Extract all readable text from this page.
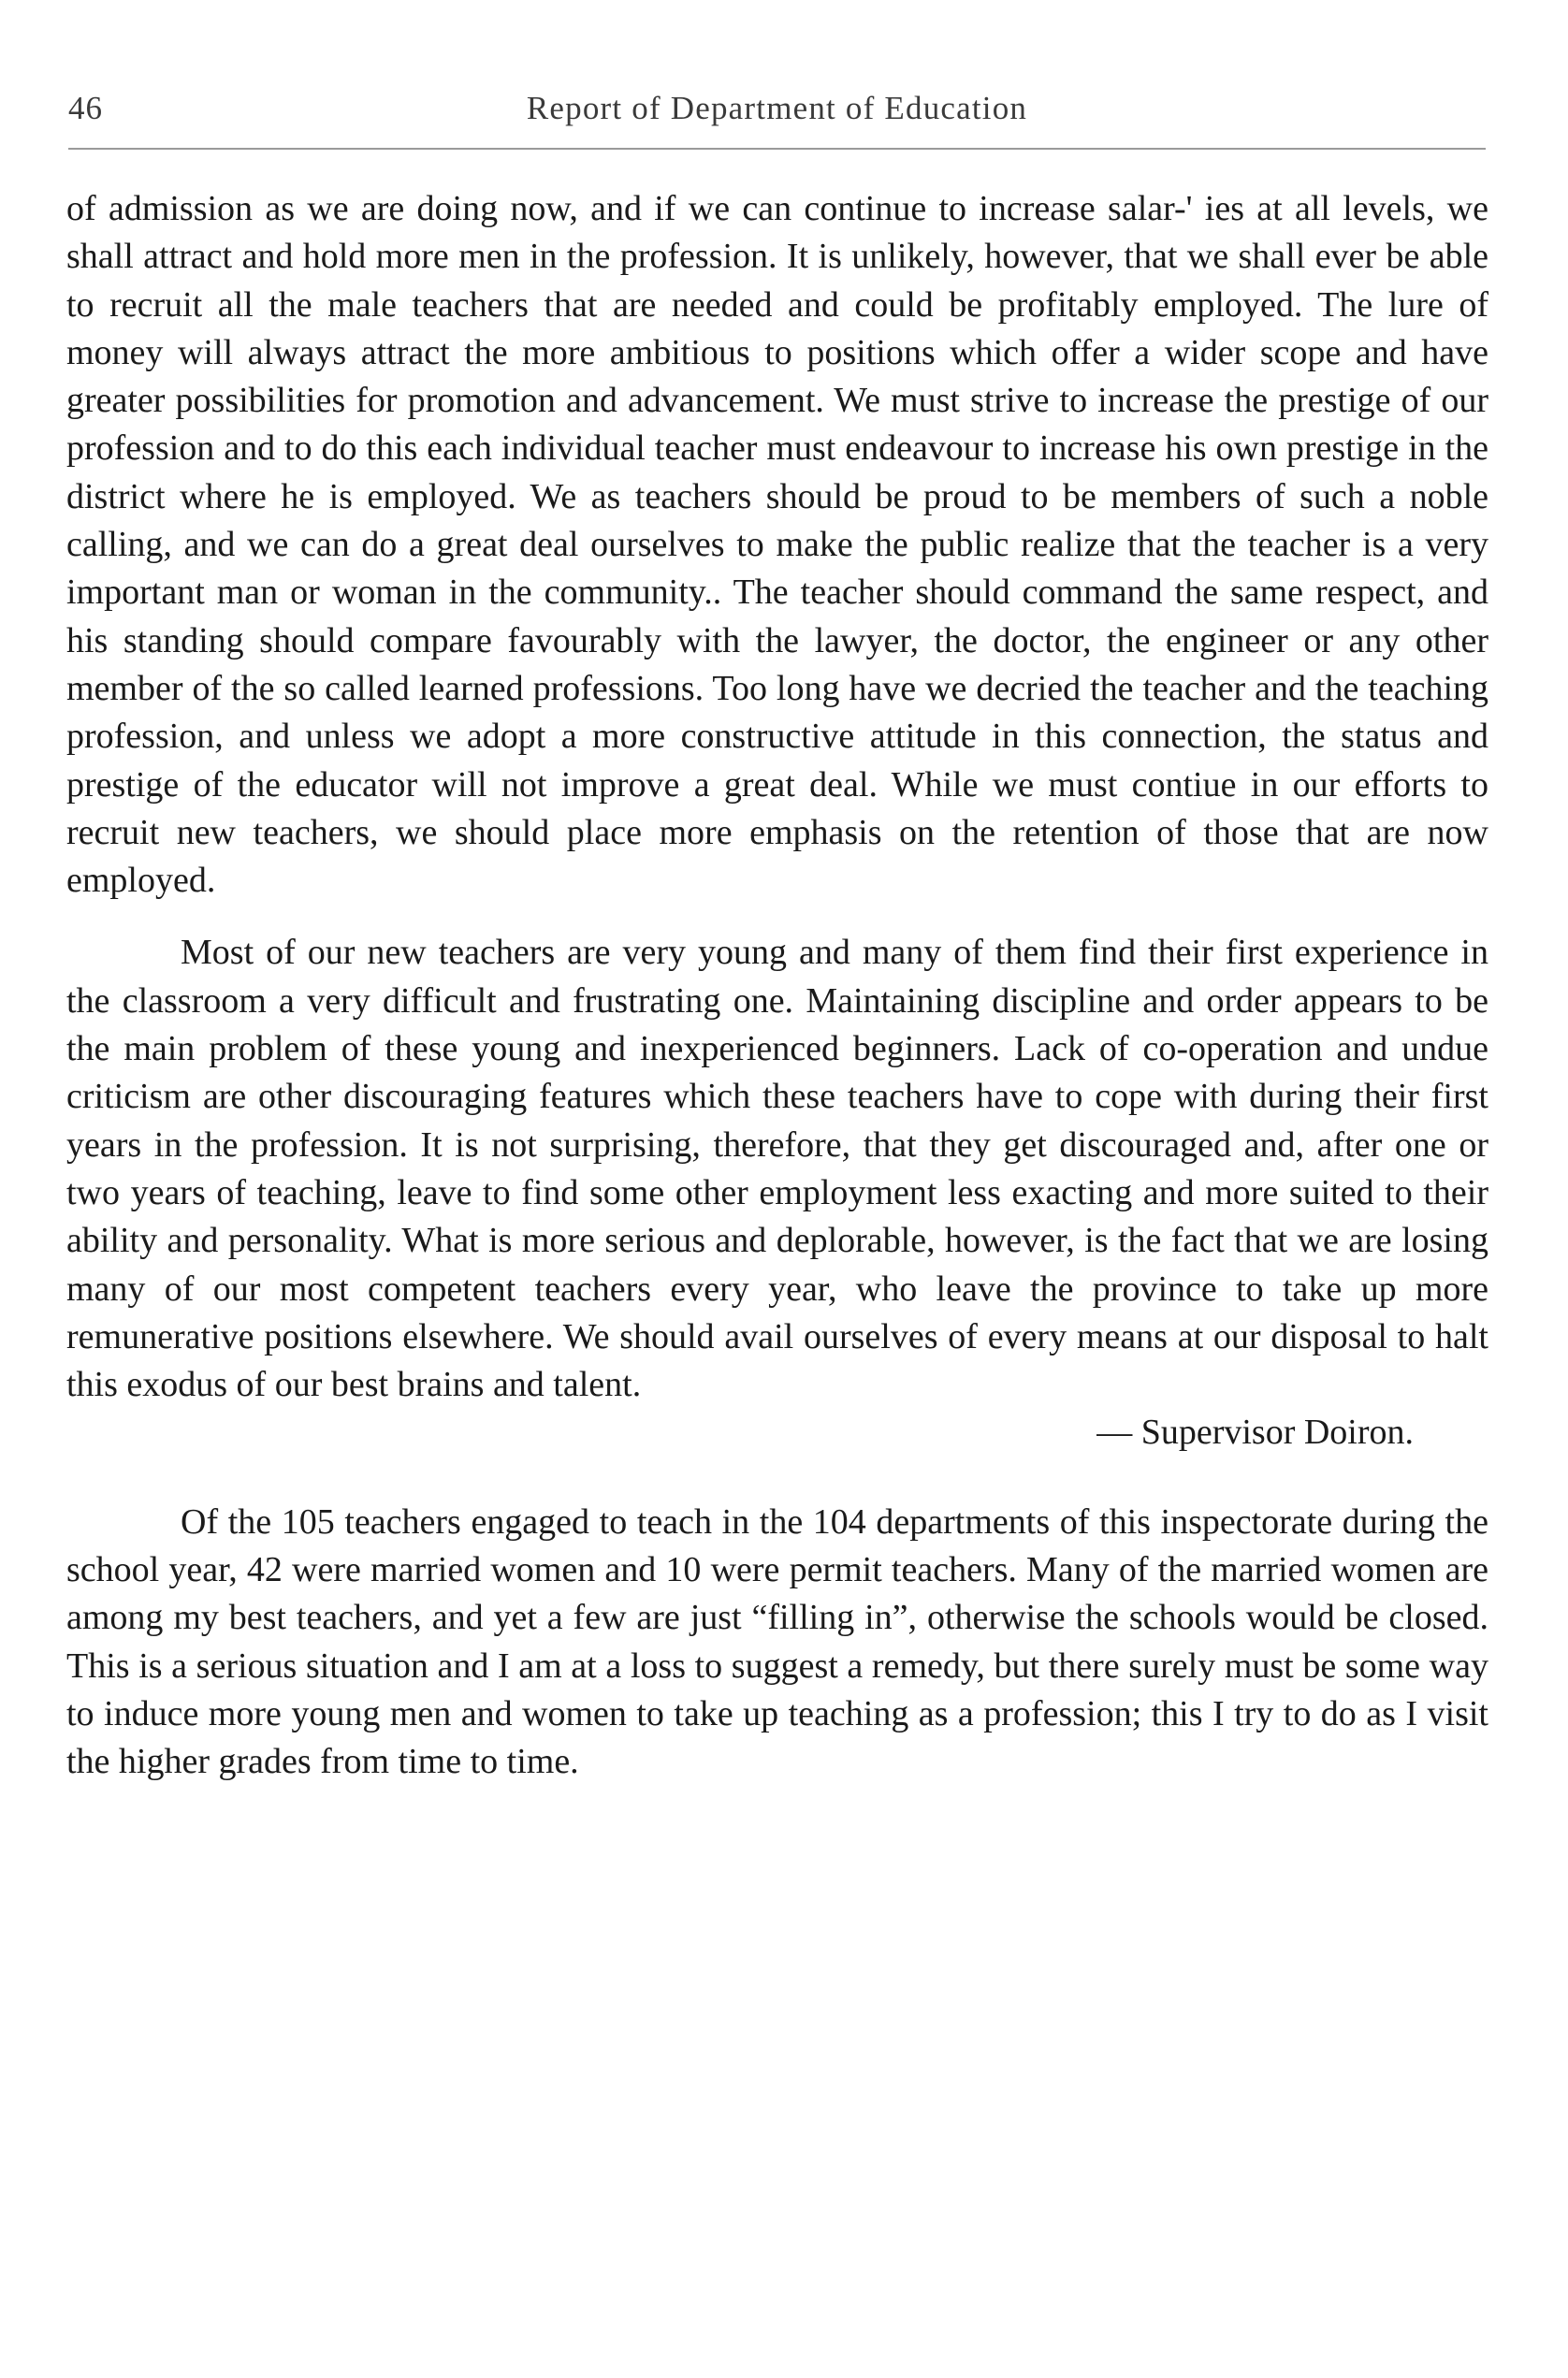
46	Report of Department of Education

of admission as we are doing now, and if we can continue to increase salar-' ies at all levels, we shall attract and hold more men in the profession. It is unlikely, however, that we shall ever be able to recruit all the male teachers that are needed and could be profitably employed. The lure of money will always attract the more ambitious to positions which offer a wider scope and have greater possibilities for promotion and advancement. We must strive to increase the prestige of our profession and to do this each individual teacher must endeavour to increase his own prestige in the district where he is employed. We as teachers should be proud to be members of such a noble calling, and we can do a great deal ourselves to make the public realize that the teacher is a very important man or woman in the community.. The teacher should command the same respect, and his standing should compare favourably with the lawyer, the doctor, the engineer or any other member of the so called learned professions. Too long have we decried the teacher and the teaching profession, and unless we adopt a more constructive attitude in this connection, the status and prestige of the educator will not improve a great deal. While we must contiue in our efforts to recruit new teachers, we should place more emphasis on the retention of those that are now employed.

Most of our new teachers are very young and many of them find their first experience in the classroom a very difficult and frustrating one. Maintaining discipline and order appears to be the main problem of these young and inexperienced beginners. Lack of co-operation and undue criticism are other discouraging features which these teachers have to cope with during their first years in the profession. It is not surprising, therefore, that they get discouraged and, after one or two years of teaching, leave to find some other employment less exacting and more suited to their ability and personality. What is more serious and deplorable, however, is the fact that we are losing many of our most competent teachers every year, who leave the province to take up more remunerative positions elsewhere. We should avail ourselves of every means at our disposal to halt this exodus of our best brains and talent.

— Supervisor Doiron.

Of the 105 teachers engaged to teach in the 104 departments of this inspectorate during the school year, 42 were married women and 10 were permit teachers. Many of the married women are among my best teachers, and yet a few are just “filling in”, otherwise the schools would be closed. This is a serious situation and I am at a loss to suggest a remedy, but there surely must be some way to induce more young men and women to take up teaching as a profession; this I try to do as I visit the higher grades from time to time.
